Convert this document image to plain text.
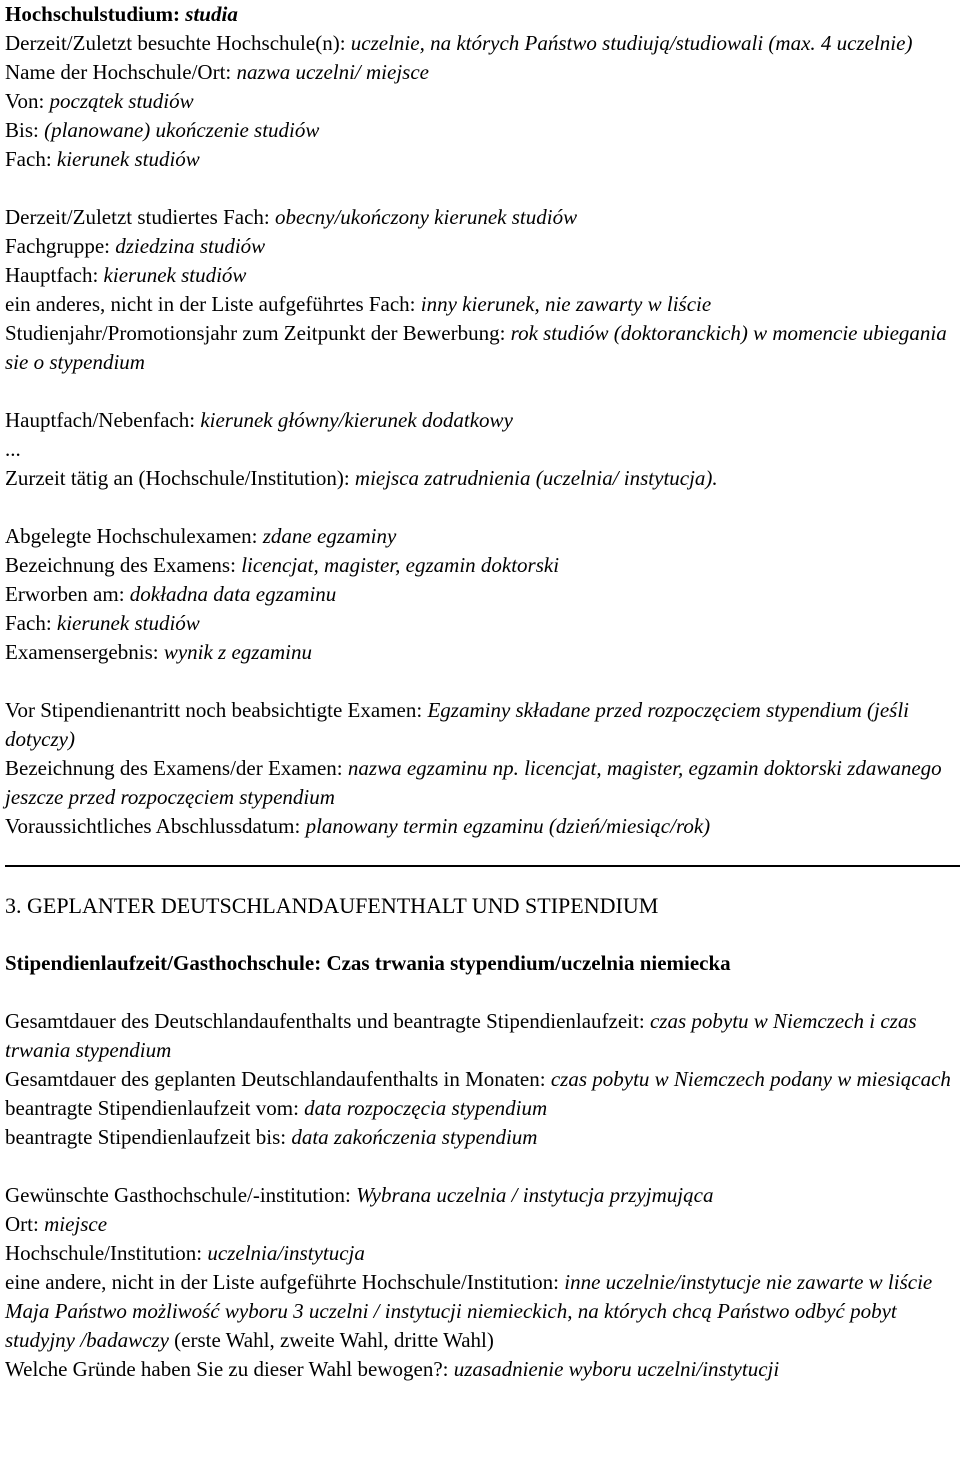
Hochschulstudium: studia

Derzeit/Zuletzt besuchte Hochschule(n): uczelnie, na których Państwo studiują/studiowali (max. 4 uczelnie)

Name der Hochschule/Ort: nazwa uczelni/ miejsce

Von: początek studiów

Bis: (planowane) ukończenie studiów

Fach: kierunek studiów

Derzeit/Zuletzt studiertes Fach: obecny/ukończony kierunek studiów

Fachgruppe: dziedzina studiów

Hauptfach: kierunek studiów

ein anderes, nicht in der Liste aufgeführtes Fach: inny kierunek, nie zawarty w liście

Studienjahr/Promotionsjahr zum Zeitpunkt der Bewerbung: rok studiów (doktoranckich) w momencie ubiegania sie o stypendium

Hauptfach/Nebenfach: kierunek główny/kierunek dodatkowy

...

Zurzeit tätig an (Hochschule/Institution): miejsca zatrudnienia (uczelnia/ instytucja).

Abgelegte Hochschulexamen: zdane egzaminy

Bezeichnung des Examens: licencjat, magister, egzamin doktorski

Erworben am: dokładna data egzaminu

Fach: kierunek studiów

Examensergebnis: wynik z egzaminu

Vor Stipendienantritt noch beabsichtigte Examen: Egzaminy składane przed rozpoczęciem stypendium (jeśli dotyczy)

Bezeichnung des Examens/der Examen: nazwa egzaminu np. licencjat, magister, egzamin doktorski zdawanego jeszcze przed rozpoczęciem stypendium

Voraussichtliches Abschlussdatum: planowany termin egzaminu (dzień/miesiąc/rok)

3. GEPLANTER DEUTSCHLANDAUFENTHALT UND STIPENDIUM

Stipendienlaufzeit/Gasthochschule: Czas trwania stypendium/uczelnia niemiecka

Gesamtdauer des Deutschlandaufenthalts und beantragte Stipendienlaufzeit: czas pobytu w Niemczech i czas trwania stypendium

Gesamtdauer des geplanten Deutschlandaufenthalts in Monaten: czas pobytu w Niemczech podany w miesiącach

beantragte Stipendienlaufzeit vom: data rozpoczęcia stypendium

beantragte Stipendienlaufzeit bis: data zakończenia stypendium

Gewünschte Gasthochschule/-institution: Wybrana uczelnia / instytucja przyjmująca

Ort: miejsce

Hochschule/Institution: uczelnia/instytucja

eine andere, nicht in der Liste aufgeführte Hochschule/Institution: inne uczelnie/instytucje nie zawarte w liście

Maja Państwo możliwość wyboru 3 uczelni / instytucji niemieckich, na których chcą Państwo odbyć pobyt studyjny /badawczy (erste Wahl, zweite Wahl, dritte Wahl)

Welche Gründe haben Sie zu dieser Wahl bewogen?: uzasadnienie wyboru uczelni/instytucji
